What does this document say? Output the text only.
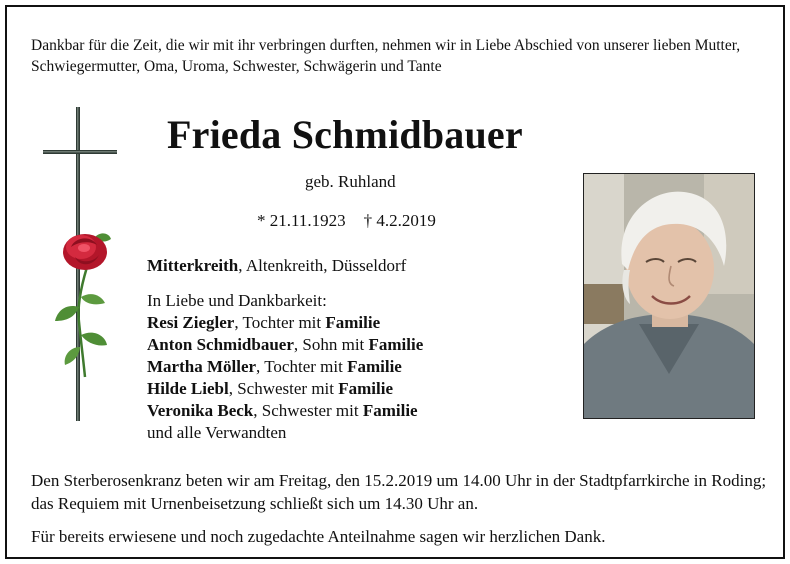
Dankbar für die Zeit, die wir mit ihr verbringen durften, nehmen wir in Liebe Abschied von unserer lieben Mutter, Schwiegermutter, Oma, Uroma, Schwester, Schwägerin und Tante
Frieda Schmidbauer
geb. Ruhland
* 21.11.1923 † 4.2.2019
Mitterkreith, Altenkreith, Düsseldorf
In Liebe und Dankbarkeit:
Resi Ziegler, Tochter mit Familie
Anton Schmidbauer, Sohn mit Familie
Martha Möller, Tochter mit Familie
Hilde Liebl, Schwester mit Familie
Veronika Beck, Schwester mit Familie
und alle Verwandten
Den Sterberosenkranz beten wir am Freitag, den 15.2.2019 um 14.00 Uhr in der Stadtpfarrkirche in Roding; das Requiem mit Urnenbeisetzung schließt sich um 14.30 Uhr an.
Für bereits erwiesene und noch zugedachte Anteilnahme sagen wir herzlichen Dank.
